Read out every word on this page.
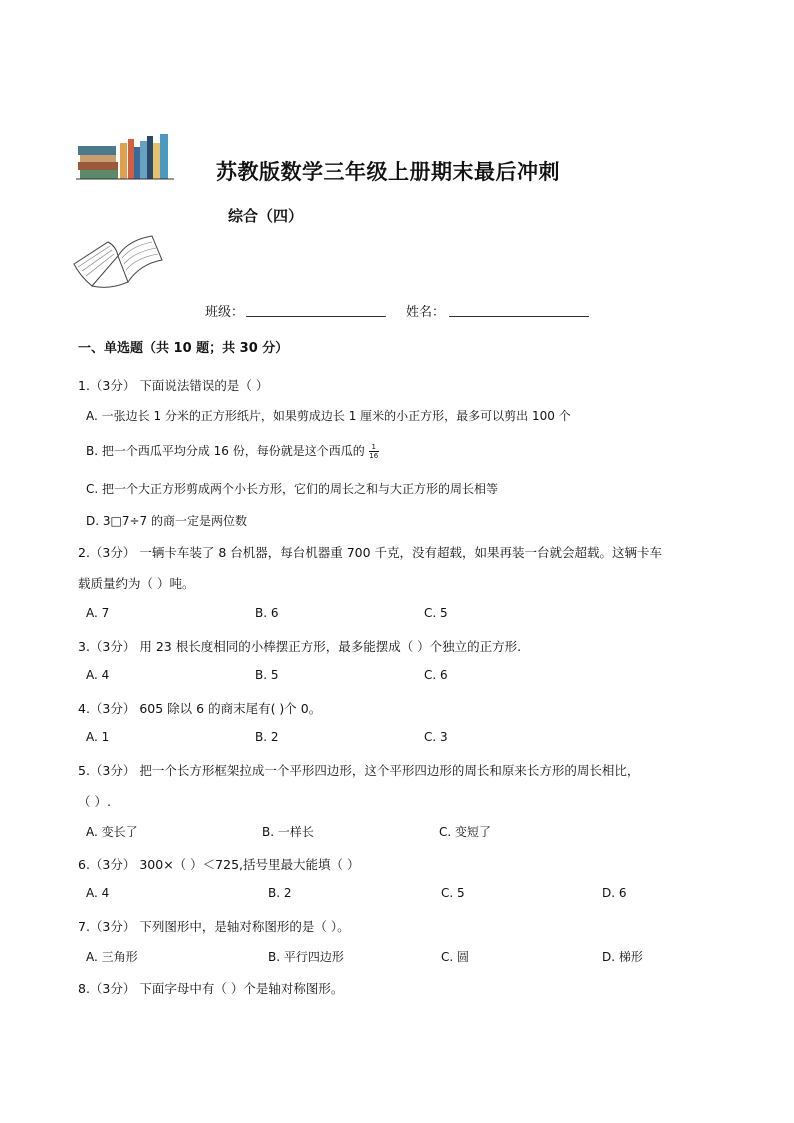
苏教版数学三年级上册期末最后冲刺
综合（四）
班级：	姓名：
一、单选题（共 10 题；共 30 分）
1.（3分） 下面说法错误的是（ ）
A. 一张边长 1 分米的正方形纸片，如果剪成边长 1 厘米的小正方形，最多可以剪出 100 个
B. 把一个西瓜平均分成 16 份，每份就是这个西瓜的 $\frac{1}{16}$
C. 把一个大正方形剪成两个小长方形，它们的周长之和与大正方形的周长相等
D. 3□7÷7 的商一定是两位数
2.（3分） 一辆卡车装了 8 台机器，每台机器重 700 千克，没有超载，如果再装一台就会超载。这辆卡车
载质量约为（ ）吨。
A. 7	B. 6	C. 5
3.（3分） 用 23 根长度相同的小棒摆正方形，最多能摆成（ ）个独立的正方形.
A. 4	B. 5	C. 6
4.（3分） 605 除以 6 的商末尾有( )个 0。
A. 1	B. 2	C. 3
5.（3分） 把一个长方形框架拉成一个平形四边形，这个平形四边形的周长和原来长方形的周长相比，
（ ）.
A. 变长了	B. 一样长	C. 变短了
6.（3分） 300×（ ）＜725,括号里最大能填（ ）
A. 4	B. 2	C. 5	D. 6
7.（3分） 下列图形中，是轴对称图形的是（ ）。
A. 三角形	B. 平行四边形	C. 圆	D. 梯形
8.（3分） 下面字母中有（ ）个是轴对称图形。
